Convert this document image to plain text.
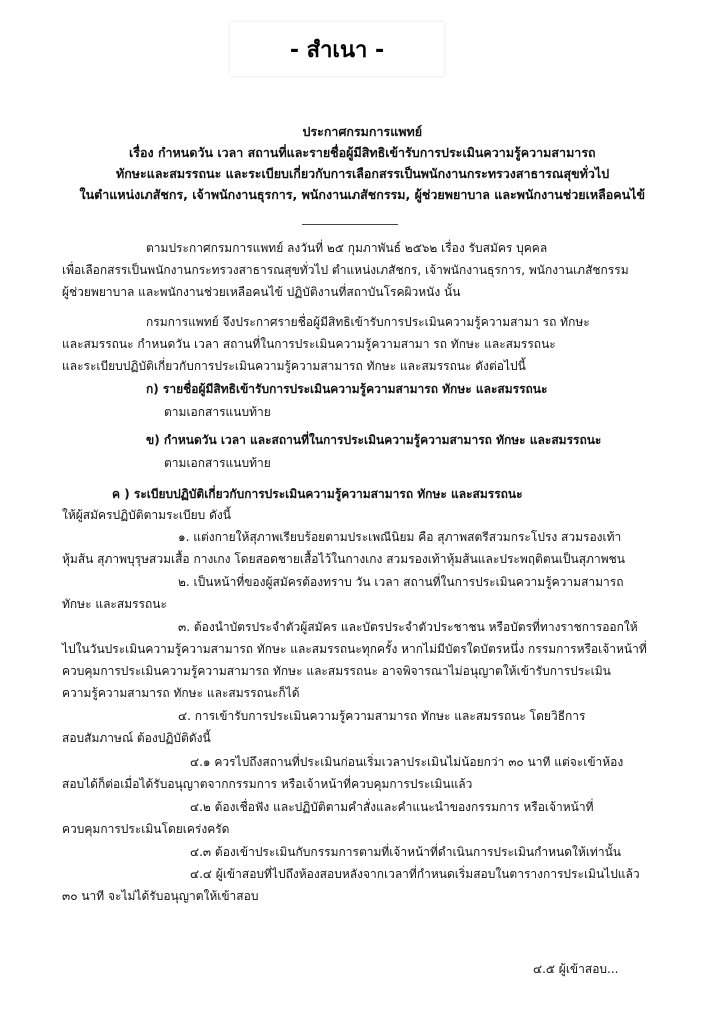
- สำเนา -
ประกาศกรมการแพทย์
เรื่อง กำหนดวัน เวลา สถานที่และรายชื่อผู้มีสิทธิเข้ารับการประเมินความรู้ความสามารถ
ทักษะและสมรรถนะ และระเบียบเกี่ยวกับการเลือกสรรเป็นพนักงานกระทรวงสาธารณสุขทั่วไป
ในตำแหน่งเภสัชกร, เจ้าพนักงานธุรการ, พนักงานเภสัชกรรม, ผู้ช่วยพยาบาล และพนักงานช่วยเหลือคนไข้
ตามประกาศกรมการแพทย์ ลงวันที่ ๒๕ กุมภาพันธ์ ๒๕๖๒ เรื่อง รับสมัคร บุคคล
เพื่อเลือกสรรเป็นพนักงานกระทรวงสาธารณสุขทั่วไป ตำแหน่งเภสัชกร, เจ้าพนักงานธุรการ, พนักงานเภสัชกรรม
ผู้ช่วยพยาบาล และพนักงานช่วยเหลือคนไข้ ปฏิบัติงานที่สถาบันโรคผิวหนัง นั้น
กรมการแพทย์ จึงประกาศรายชื่อผู้มีสิทธิเข้ารับการประเมินความรู้ความสามา รถ ทักษะ
และสมรรถนะ กำหนดวัน เวลา สถานที่ในการประเมินความรู้ความสามา รถ ทักษะ และสมรรถนะ
และระเบียบปฏิบัติเกี่ยวกับการประเมินความรู้ความสามารถ ทักษะ และสมรรถนะ ดังต่อไปนี้
ก) รายชื่อผู้มีสิทธิเข้ารับการประเมินความรู้ความสามารถ ทักษะ และสมรรถนะ
ตามเอกสารแนบท้าย
ข) กำหนดวัน เวลา และสถานที่ในการประเมินความรู้ความสามารถ ทักษะ และสมรรถนะ
ตามเอกสารแนบท้าย
ค ) ระเบียบปฏิบัติเกี่ยวกับการประเมินความรู้ความสามารถ ทักษะ และสมรรถนะ
ให้ผู้สมัครปฏิบัติตามระเบียบ ดังนี้
๑. แต่งกายให้สุภาพเรียบร้อยตามประเพณีนิยม คือ สุภาพสตรีสวมกระโปรง สวมรองเท้า
หุ้มส้น สุภาพบุรุษสวมเสื้อ กางเกง โดยสอดชายเสื้อไว้ในกางเกง สวมรองเท้าหุ้มส้นและประพฤติตนเป็นสุภาพชน
๒. เป็นหน้าที่ของผู้สมัครต้องทราบ วัน เวลา สถานที่ในการประเมินความรู้ความสามารถ
ทักษะ และสมรรถนะ
๓. ต้องนำบัตรประจำตัวผู้สมัคร และบัตรประจำตัวประชาชน หรือบัตรที่ทางราชการออกให้
ไปในวันประเมินความรู้ความสามารถ ทักษะ และสมรรถนะทุกครั้ง หากไม่มีบัตรใดบัตรหนึ่ง กรรมการหรือเจ้าหน้าที่
ควบคุมการประเมินความรู้ความสามารถ ทักษะ และสมรรถนะ อาจพิจารณาไม่อนุญาตให้เข้ารับการประเมิน
ความรู้ความสามารถ ทักษะ และสมรรถนะก็ได้
๔. การเข้ารับการประเมินความรู้ความสามารถ ทักษะ และสมรรถนะ โดยวิธีการ
สอบสัมภาษณ์ ต้องปฏิบัติดังนี้
๔.๑ ควรไปถึงสถานที่ประเมินก่อนเริ่มเวลาประเมินไม่น้อยกว่า ๓๐ นาที แต่จะเข้าห้อง
สอบได้ก็ต่อเมื่อได้รับอนุญาตจากกรรมการ หรือเจ้าหน้าที่ควบคุมการประเมินแล้ว
๔.๒ ต้องเชื่อฟัง และปฏิบัติตามคำสั่งและคำแนะนำของกรรมการ หรือเจ้าหน้าที่
ควบคุมการประเมินโดยเคร่งครัด
๔.๓ ต้องเข้าประเมินกับกรรมการตามที่เจ้าหน้าที่ดำเนินการประเมินกำหนดให้เท่านั้น
๔.๔ ผู้เข้าสอบที่ไปถึงห้องสอบหลังจากเวลาที่กำหนดเริ่มสอบในตารางการประเมินไปแล้ว
๓๐ นาที จะไม่ได้รับอนุญาตให้เข้าสอบ
๔.๕ ผู้เข้าสอบ...
